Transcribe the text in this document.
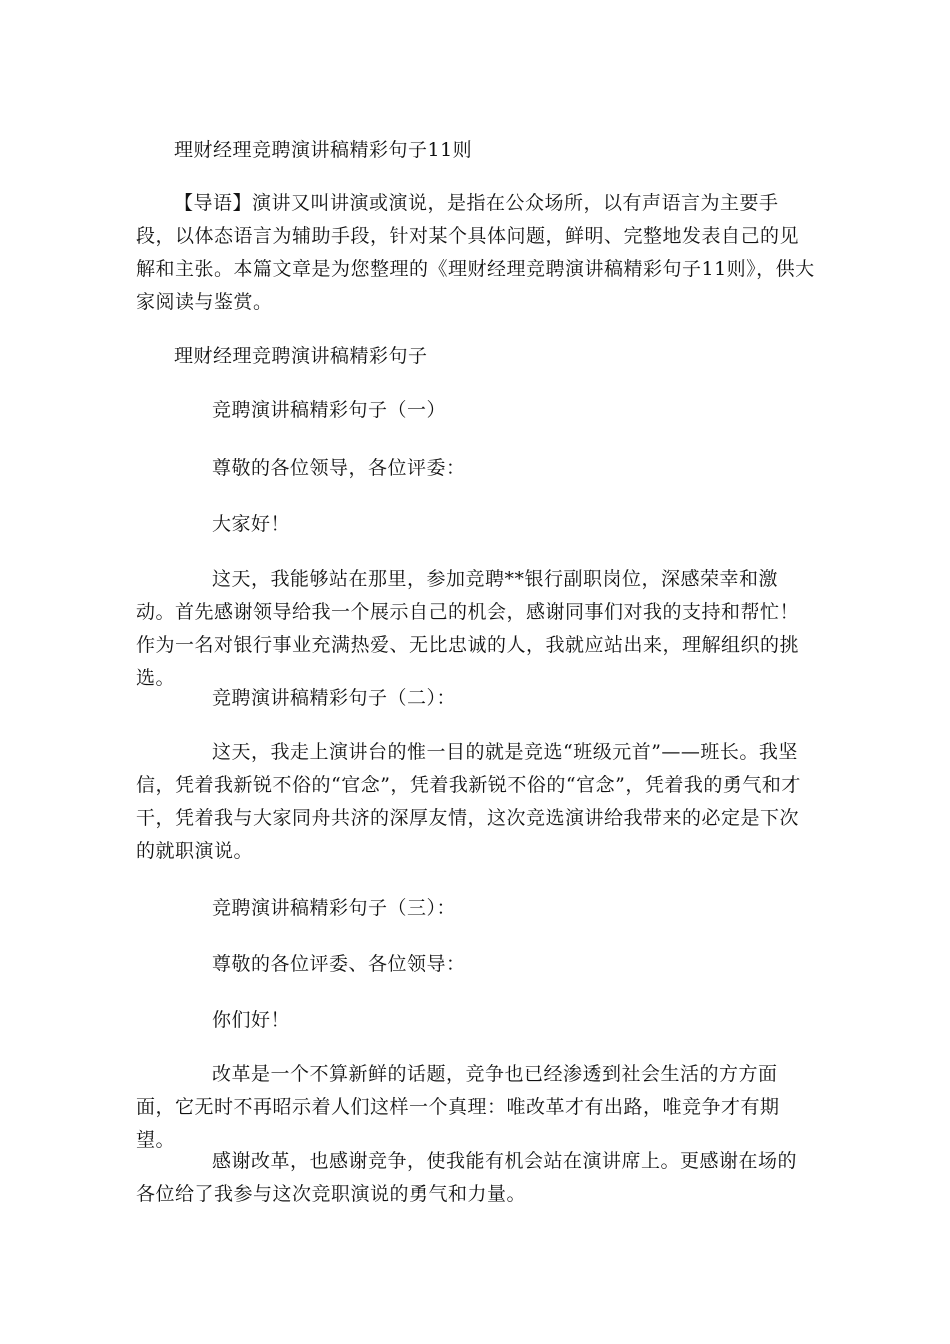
理财经理竞聘演讲稿精彩句子11则

【导语】演讲又叫讲演或演说，是指在公众场所，以有声语言为主要手段，以体态语言为辅助手段，针对某个具体问题，鲜明、完整地发表自己的见解和主张。本篇文章是为您整理的《理财经理竞聘演讲稿精彩句子11则》，供大家阅读与鉴赏。

理财经理竞聘演讲稿精彩句子

竞聘演讲稿精彩句子（一）

尊敬的各位领导，各位评委：

大家好！

这天，我能够站在那里，参加竞聘**银行副职岗位，深感荣幸和激动。首先感谢领导给我一个展示自己的机会，感谢同事们对我的支持和帮忙！作为一名对银行事业充满热爱、无比忠诚的人，我就应站出来，理解组织的挑选。

竞聘演讲稿精彩句子（二）：

这天，我走上演讲台的惟一目的就是竞选“班级元首”——班长。我坚信，凭着我新锐不俗的“官念”，凭着我新锐不俗的“官念”，凭着我的勇气和才干，凭着我与大家同舟共济的深厚友情，这次竞选演讲给我带来的必定是下次的就职演说。

竞聘演讲稿精彩句子（三）：

尊敬的各位评委、各位领导：

你们好！

改革是一个不算新鲜的话题，竞争也已经渗透到社会生活的方方面面，它无时不再昭示着人们这样一个真理：唯改革才有出路，唯竞争才有期望。

感谢改革，也感谢竞争，使我能有机会站在演讲席上。更感谢在场的各位给了我参与这次竞职演说的勇气和力量。
